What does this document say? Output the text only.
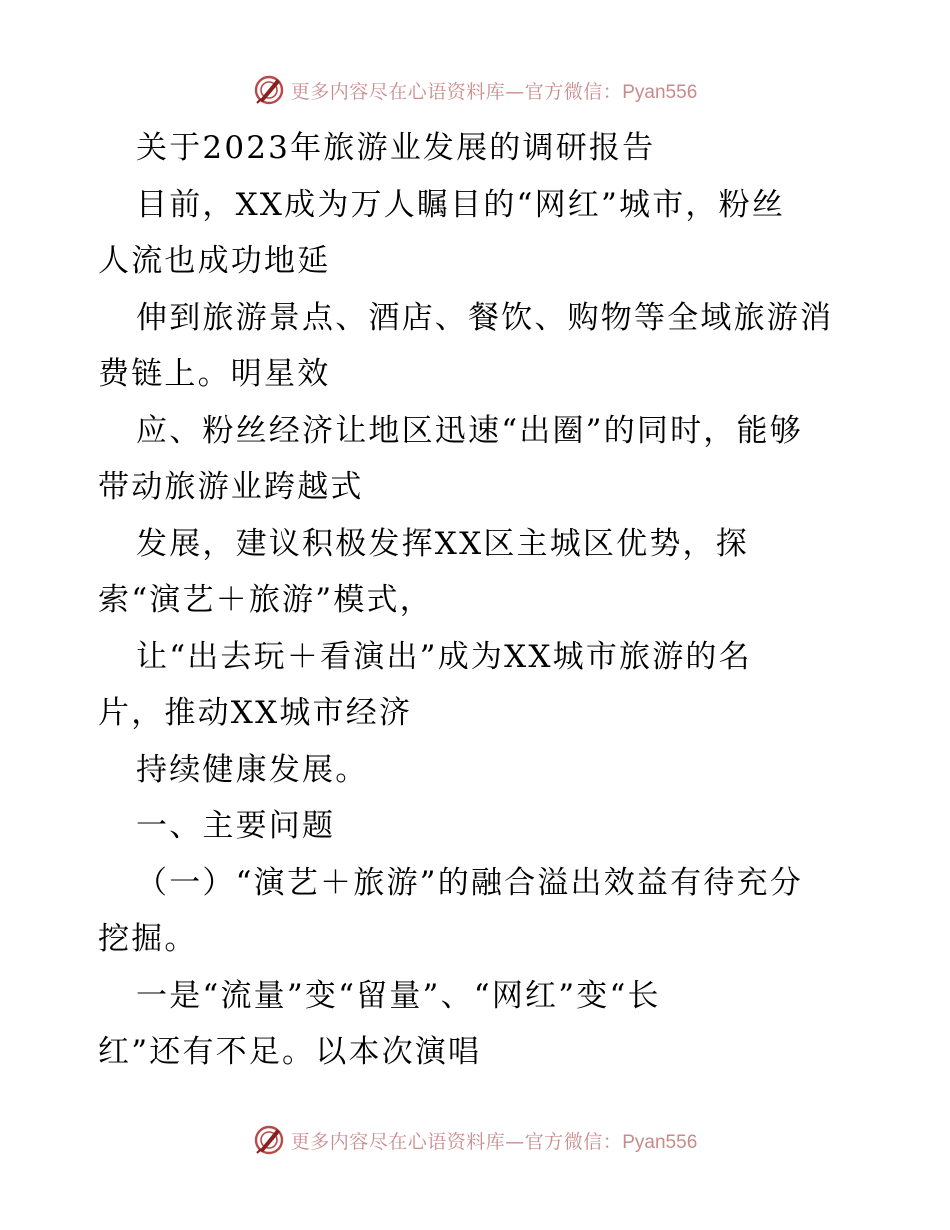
更多内容尽在心语资料库—官方微信：Pyan556
关于2023年旅游业发展的调研报告
目前，XX成为万人瞩目的“网红”城市，粉丝
人流也成功地延
伸到旅游景点、酒店、餐饮、购物等全域旅游消
费链上。明星效
应、粉丝经济让地区迅速“出圈”的同时，能够
带动旅游业跨越式
发展，建议积极发挥XX区主城区优势，探
索“演艺＋旅游”模式，
让“出去玩＋看演出”成为XX城市旅游的名
片，推动XX城市经济
持续健康发展。
一、主要问题
（一）“演艺＋旅游”的融合溢出效益有待充分
挖掘。
一是“流量”变“留量”、“网红”变“长
红”还有不足。以本次演唱
更多内容尽在心语资料库—官方微信：Pyan556
